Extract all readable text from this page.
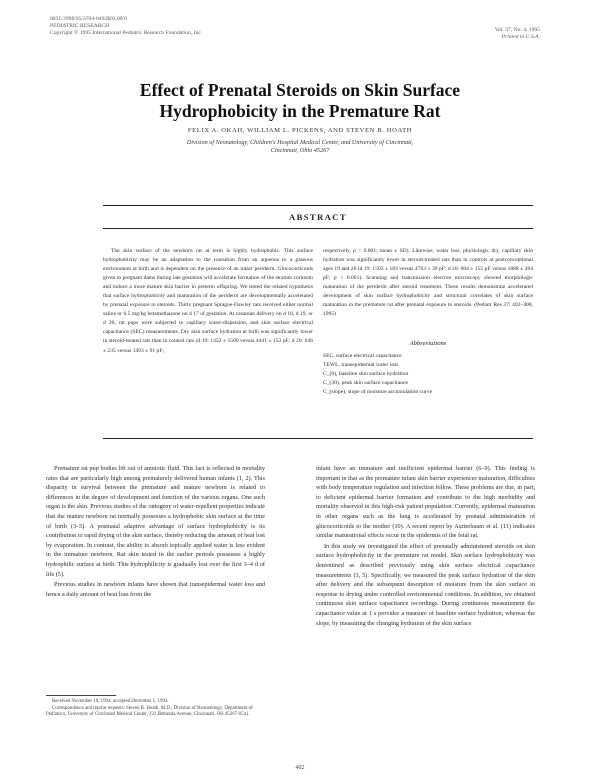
0031-3998/95/3704-0402$03.00/0
PEDIATRIC RESEARCH
Copyright © 1995 International Pediatric Research Foundation, Inc.
Vol. 37, No. 4, 1995
Printed in U.S.A.
Effect of Prenatal Steroids on Skin Surface
Hydrophobicity in the Premature Rat
FELIX A. OKAH, WILLIAM L. PICKENS, AND STEVEN B. HOATH
Division of Neonatology, Children's Hospital Medical Center, and University of Cincinnati,
Cincinnati, Ohio 45267
ABSTRACT

The skin surface of the newborn rat at term is highly hydrophobic. This surface hydrophobicity may be an adaptation to the transition from an aqueous to a gaseous environment at birth and is dependent on the presence of an intact periderm. Glucocorticoids given to pregnant dams during late gestation will accelerate formation of the stratum corneum and induce a more mature skin barrier in preterm offspring. We tested the related hypothesis that surface hydrophobicity and maturation of the periderm are developmentally accelerated by prenatal exposure to steroids. Thirty pregnant Sprague-Dawley rats received either normal saline or 0.5 mg/kg betamethasone on d 17 of gestation. At cesarean delivery on d 18, d 19, or d 20, rat pups were subjected to capillary water-dispersion, and skin surface electrical capacitance (SEC) measurements. Dry skin surface hydration at birth was significantly lower in steroid-treated rats than in control rats (d 19: 1452 ± 1509 versus 4441 ± 153 pF; d 20: 646 ± 235 versus 1493 ± 91 pF;

respectively, p < 0.001; mean ± SD). Likewise, water loss, physiologic dry, capillary skin hydration was significantly lower in steroid-treated rats than in controls at postconceptional ages 19 and 20 (d 19: 1503 ± 183 versus 4763 ± 39 pF; d 20: 604 ± 155 pF versus 1888 ± 204 pF; p < 0.001). Scanning and transmission electron microscopy showed morphologic maturation of the periderm after steroid treatment. These results demonstrate accelerated development of skin surface hydrophobicity and structural correlates of skin surface maturation in the premature rat after prenatal exposure to steroids. (Pediatr Res 37: 402–408, 1995)

Abbreviations
SEC, surface electrical capacitance
TEWL, transepidermal water loss
C_(0), baseline skin surface hydration
C_(30), peak skin surface capacitance
C_(slope), slope of moisture accumulation curve

Premature rat pup bodies lift out of amniotic fluid. This fact is reflected in mortality rates that are particularly high among prematurely delivered human infants (1, 2). This disparity in survival between the premature and mature newborn is related to differences in the degree of development and function of the various organs. One such organ is the skin. Previous studies of the ontogeny of water-repellent properties indicate that the mature newborn rat normally possesses a hydrophobic skin surface at the time of birth (3–5). A postnatal adaptive advantage of surface hydrophobicity is its contribution to rapid drying of the skin surface, thereby reducing the amount of heat lost by evaporation. In contrast, the ability to absorb topically applied water is less evident in the immature newborn. Rat skin tested in the earlier periods possesses a highly hydrophilic surface at birth. This hydrophilicity is gradually lost over the first 3–4 d of life (5).

Previous studies in newborn infants have shown that transepidermal water loss and hence a daily amount of heat loss from the

infant have an immature and inefficient epidermal barrier (6–9). This finding is important in that as the premature infant skin barrier experiences maturation, difficulties with body temperature regulation and infection follow. These problems are due, in part, to deficient epidermal barrier formation and contribute to the high morbidity and mortality observed in this high-risk patient population. Currently, epidermal maturation in other organs such as the lung is accelerated by prenatal administration of glucocorticoids to the mother (10). A recent report by Aszterbaum et al. (11) indicates similar maturational effects occur in the epidermis of the fetal rat.

In this study we investigated the effect of prenatally administered steroids on skin surface hydrophobicity in the premature rat model. Skin surface hydrophobicity was determined as described previously using skin surface electrical capacitance measurements (3, 5). Specifically, we measured the peak surface hydration of the skin after delivery and the subsequent desorption of moisture from the skin surface in response to drying under controlled environmental conditions. In addition, we obtained continuous skin surface capacitance recordings. During continuous measurement the capacitance value at 1 s provides a measure of baseline surface hydration, whereas the slope, by measuring the changing hydration of the skin surface

Received November 10, 1994; accepted December 1, 1994.
Correspondence and reprint requests: Steven B. Hoath, M.D., Division of Neonatology, Department of Pediatrics, University of Cincinnati Medical Center, 231 Bethesda Avenue, Cincinnati, OH 45267-0541.
402
